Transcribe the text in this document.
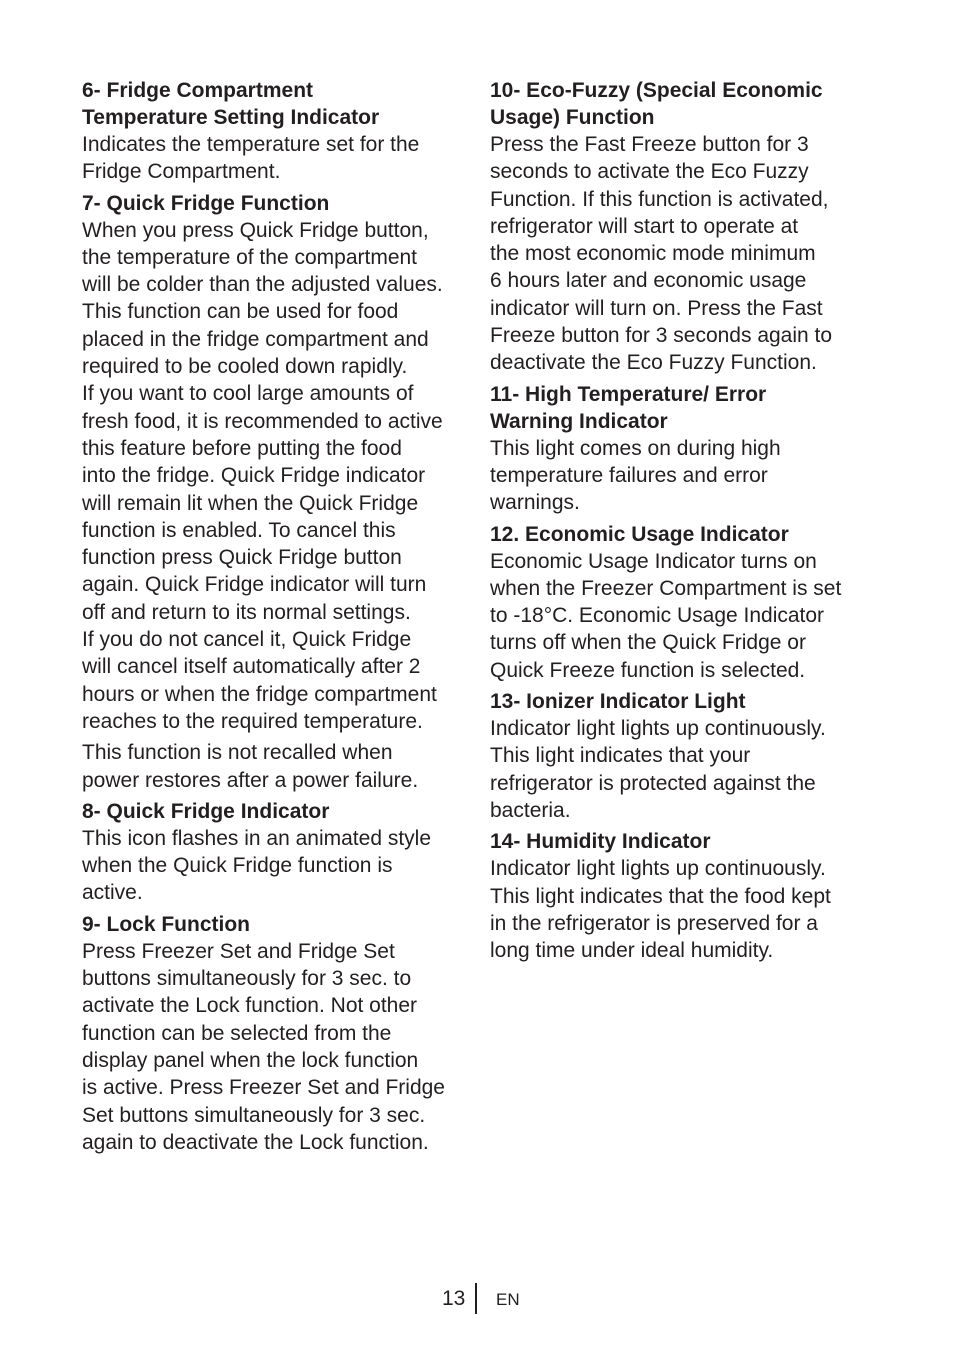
6- Fridge Compartment
Temperature Setting Indicator

Indicates the temperature set for the
Fridge Compartment.

7- Quick Fridge Function

When you press Quick Fridge button,
the temperature of the compartment
will be colder than the adjusted values.
This function can be used for food
placed in the fridge compartment and
required to be cooled down rapidly.
If you want to cool large amounts of
fresh food, it is recommended to active
this feature before putting the food
into the fridge. Quick Fridge indicator
will remain lit when the Quick Fridge
function is enabled. To cancel this
function press Quick Fridge button
again. Quick Fridge indicator will turn
off and return to its normal settings.
If you do not cancel it, Quick Fridge
will cancel itself automatically after 2
hours or when the fridge compartment
reaches to the required temperature.

This function is not recalled when
power restores after a power failure.

8- Quick Fridge Indicator

This icon flashes in an animated style
when the Quick Fridge function is
active.

9- Lock Function

Press Freezer Set and Fridge Set
buttons simultaneously for 3 sec. to
activate the Lock function. Not other
function can be selected from the
display panel when the lock function
is active. Press Freezer Set and Fridge
Set buttons simultaneously for 3 sec.
again to deactivate the Lock function.

10- Eco-Fuzzy (Special Economic
Usage) Function

Press the Fast Freeze button for 3
seconds to activate the Eco Fuzzy
Function. If this function is activated,
refrigerator will start to operate at
the most economic mode minimum
6 hours later and economic usage
indicator will turn on. Press the Fast
Freeze button for 3 seconds again to
deactivate the Eco Fuzzy Function.

11- High Temperature/ Error
Warning Indicator

This light comes on during high
temperature failures and error
warnings.

12. Economic Usage Indicator

Economic Usage Indicator turns on
when the Freezer Compartment is set
to -18°C. Economic Usage Indicator
turns off when the Quick Fridge or
Quick Freeze function is selected.

13- Ionizer Indicator Light

Indicator light lights up continuously.
This light indicates that your
refrigerator is protected against the
bacteria.

14- Humidity Indicator

Indicator light lights up continuously.
This light indicates that the food kept
in the refrigerator is preserved for a
long time under ideal humidity.

13 EN
